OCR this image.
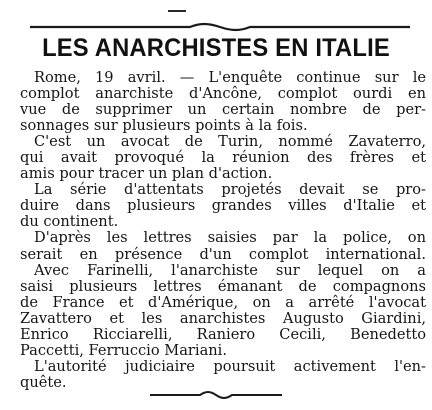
LES ANARCHISTES EN ITALIE
Rome, 19 avril. — L'enquête continue sur le
complot anarchiste d'Ancône, complot ourdi en
vue de supprimer un certain nombre de per-
sonnages sur plusieurs points à la fois.
C'est un avocat de Turin, nommé Zavaterro,
qui avait provoqué la réunion des frères et
amis pour tracer un plan d'action.
La série d'attentats projetés devait se pro-
duire dans plusieurs grandes villes d'Italie et
du continent.
D'après les lettres saisies par la police, on
serait en présence d'un complot international.
Avec Farinelli, l'anarchiste sur lequel on a
saisi plusieurs lettres émanant de compagnons
de France et d'Amérique, on a arrêté l'avocat
Zavattero et les anarchistes Augusto Giardini,
Enrico Ricciarelli, Raniero Cecili, Benedetto
Paccetti, Ferruccio Mariani.
L'autorité judiciaire poursuit activement l'en-
quête.
